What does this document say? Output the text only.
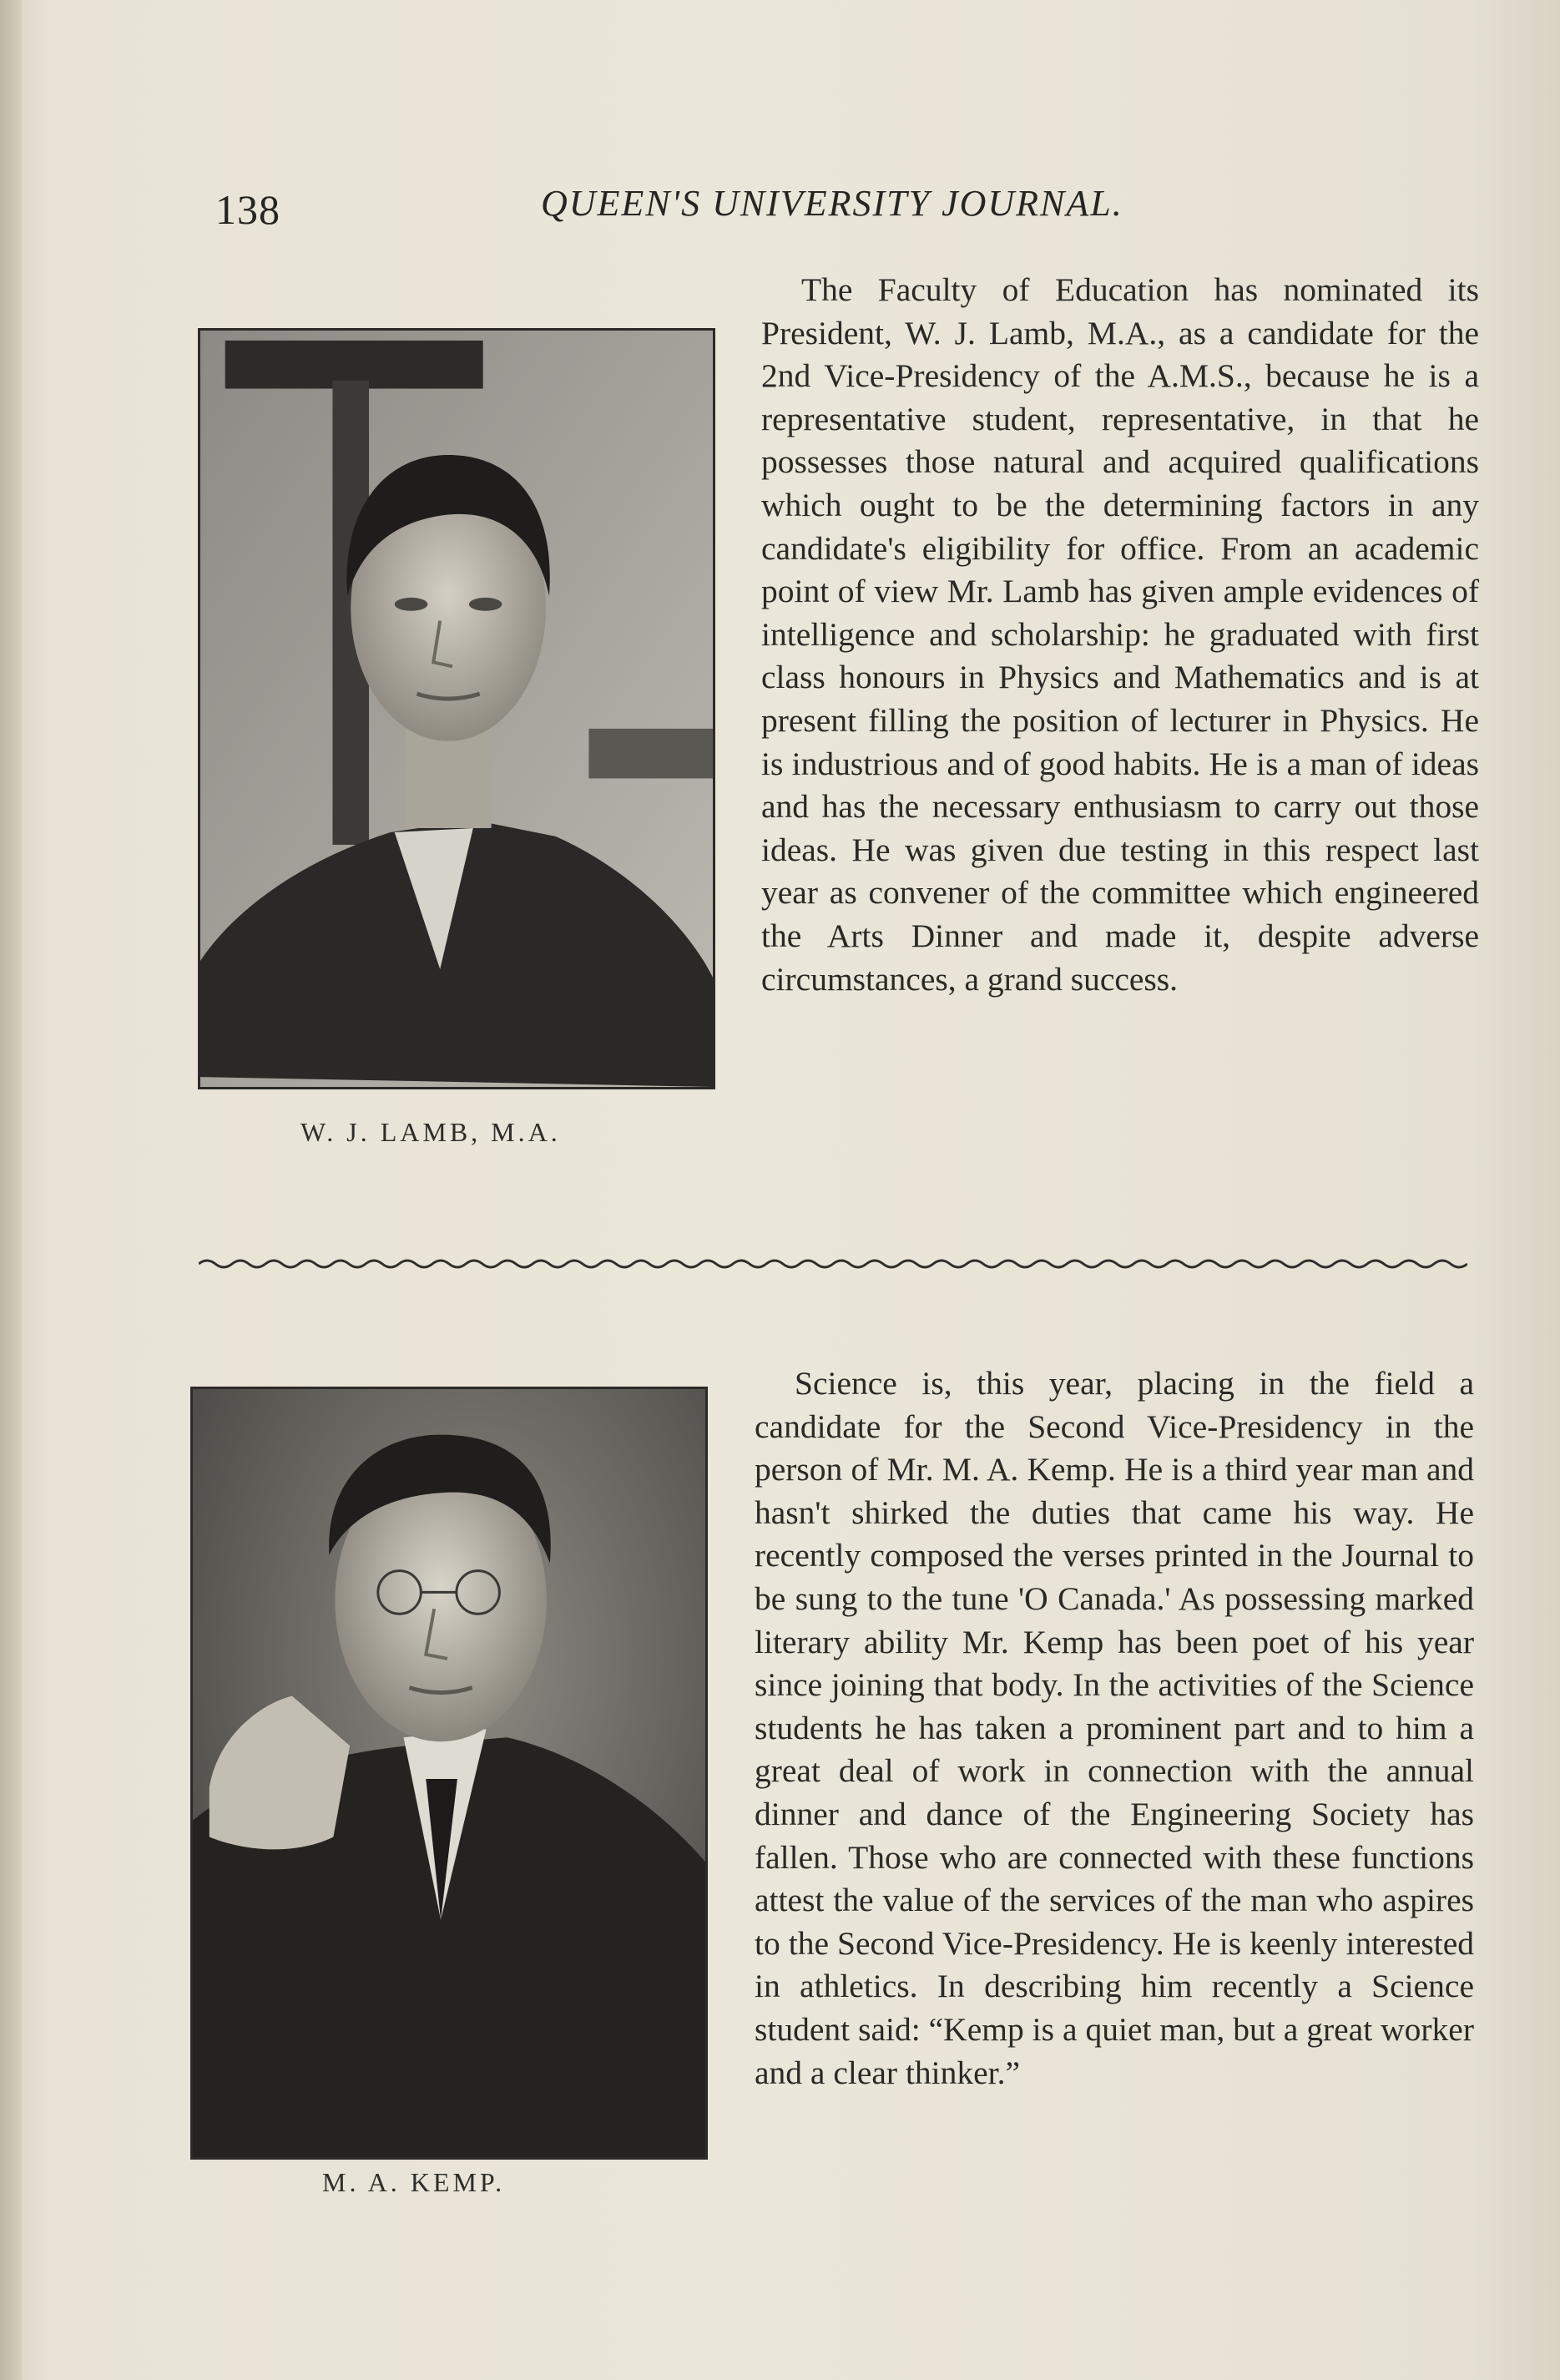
138	QUEEN'S UNIVERSITY JOURNAL.
W. J. LAMB, M.A.

The Faculty of Education has nominated its President, W. J. Lamb, M.A., as a candidate for the 2nd Vice-Presidency of the A.M.S., because he is a representative student, representative, in that he possesses those natural and acquired qualifications which ought to be the determining factors in any candidate's eligibility for office. From an academic point of view Mr. Lamb has given ample evidences of intelligence and scholarship: he graduated with first class honours in Physics and Mathematics and is at present filling the position of lecturer in Physics. He is industrious and of good habits. He is a man of ideas and has the necessary enthusiasm to carry out those ideas. He was given due testing in this respect last year as convener of the committee which engineered the Arts Dinner and made it, despite adverse circumstances, a grand success.

M. A. KEMP.

Science is, this year, placing in the field a candidate for the Second Vice-Presidency in the person of Mr. M. A. Kemp. He is a third year man and hasn't shirked the duties that came his way. He recently composed the verses printed in the Journal to be sung to the tune 'O Canada.' As possessing marked literary ability Mr. Kemp has been poet of his year since joining that body. In the activities of the Science students he has taken a prominent part and to him a great deal of work in connection with the annual dinner and dance of the Engineering Society has fallen. Those who are connected with these functions attest the value of the services of the man who aspires to the Second Vice-Presidency. He is keenly interested in athletics. In describing him recently a Science student said: “Kemp is a quiet man, but a great worker and a clear thinker.”
